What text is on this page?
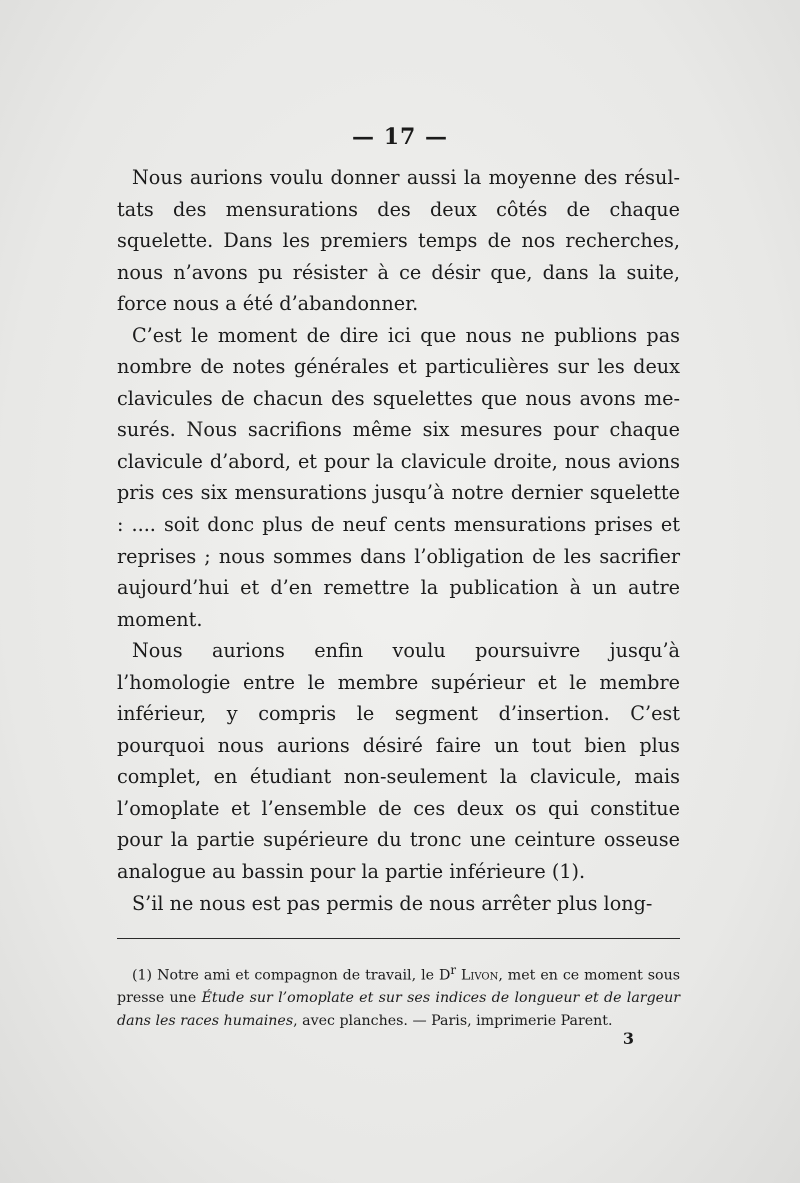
— 17 —

Nous aurions voulu donner aussi la moyenne des résultats des mensurations des deux côtés de chaque squelette. Dans les premiers temps de nos recherches, nous n’avons pu résister à ce désir que, dans la suite, force nous a été d’abandonner.

C’est le moment de dire ici que nous ne publions pas nombre de notes générales et particulières sur les deux clavicules de chacun des squelettes que nous avons mesurés. Nous sacrifions même six mesures pour chaque clavicule d’abord, et pour la clavicule droite, nous avions pris ces six mensurations jusqu’à notre dernier squelette : .... soit donc plus de neuf cents mensurations prises et reprises ; nous sommes dans l’obligation de les sacrifier aujourd’hui et d’en remettre la publication à un autre moment.

Nous aurions enfin voulu poursuivre jusqu’à l’homologie entre le membre supérieur et le membre inférieur, y compris le segment d’insertion. C’est pourquoi nous aurions désiré faire un tout bien plus complet, en étudiant non-seulement la clavicule, mais l’omoplate et l’ensemble de ces deux os qui constitue pour la partie supérieure du tronc une ceinture osseuse analogue au bassin pour la partie inférieure (1).

S’il ne nous est pas permis de nous arrêter plus long-

(1) Notre ami et compagnon de travail, le $D^r$ Livon, met en ce moment sous presse une Étude sur l’omoplate et sur ses indices de longueur et de largeur dans les races humaines, avec planches. — Paris, imprimerie Parent.
3
